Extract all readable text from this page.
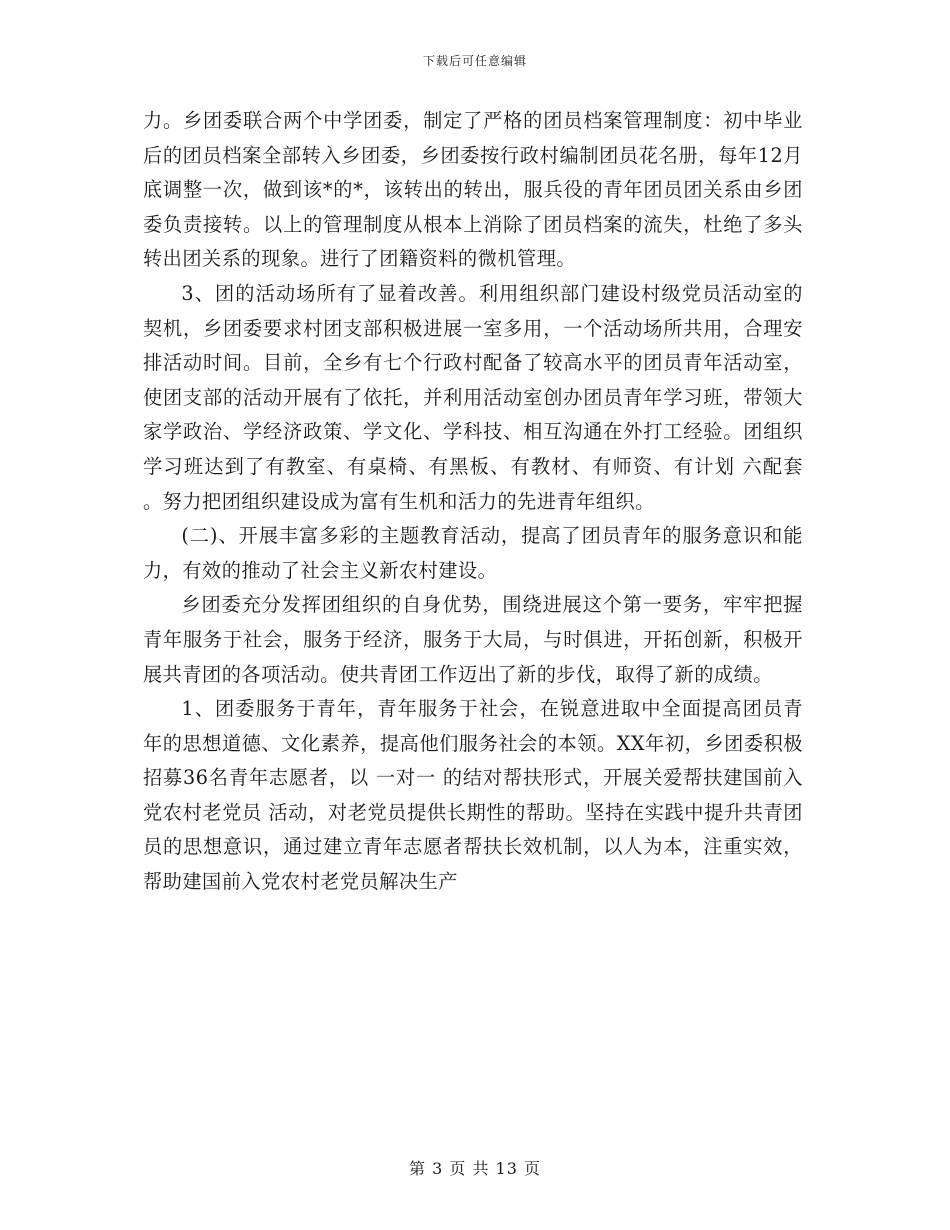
下载后可任意编辑

力。乡团委联合两个中学团委，制定了严格的团员档案管理制度：初中毕业后的团员档案全部转入乡团委，乡团委按行政村编制团员花名册，每年12月底调整一次，做到该*的*，该转出的转出，服兵役的青年团员团关系由乡团委负责接转。以上的管理制度从根本上消除了团员档案的流失，杜绝了多头转出团关系的现象。进行了团籍资料的微机管理。

3、团的活动场所有了显着改善。利用组织部门建设村级党员活动室的契机，乡团委要求村团支部积极进展一室多用，一个活动场所共用，合理安排活动时间。目前，全乡有七个行政村配备了较高水平的团员青年活动室，使团支部的活动开展有了依托，并利用活动室创办团员青年学习班，带领大家学政治、学经济政策、学文化、学科技、相互沟通在外打工经验。团组织学习班达到了有教室、有桌椅、有黑板、有教材、有师资、有计划 六配套 。努力把团组织建设成为富有生机和活力的先进青年组织。

(二)、开展丰富多彩的主题教育活动，提高了团员青年的服务意识和能力，有效的推动了社会主义新农村建设。

乡团委充分发挥团组织的自身优势，围绕进展这个第一要务，牢牢把握青年服务于社会，服务于经济，服务于大局，与时俱进，开拓创新，积极开展共青团的各项活动。使共青团工作迈出了新的步伐，取得了新的成绩。

1、团委服务于青年，青年服务于社会，在锐意进取中全面提高团员青年的思想道德、文化素养，提高他们服务社会的本领。XX年初，乡团委积极招募36名青年志愿者，以 一对一 的结对帮扶形式，开展关爱帮扶建国前入党农村老党员 活动，对老党员提供长期性的帮助。坚持在实践中提升共青团员的思想意识，通过建立青年志愿者帮扶长效机制，以人为本，注重实效，帮助建国前入党农村老党员解决生产

第 3 页 共 13 页
